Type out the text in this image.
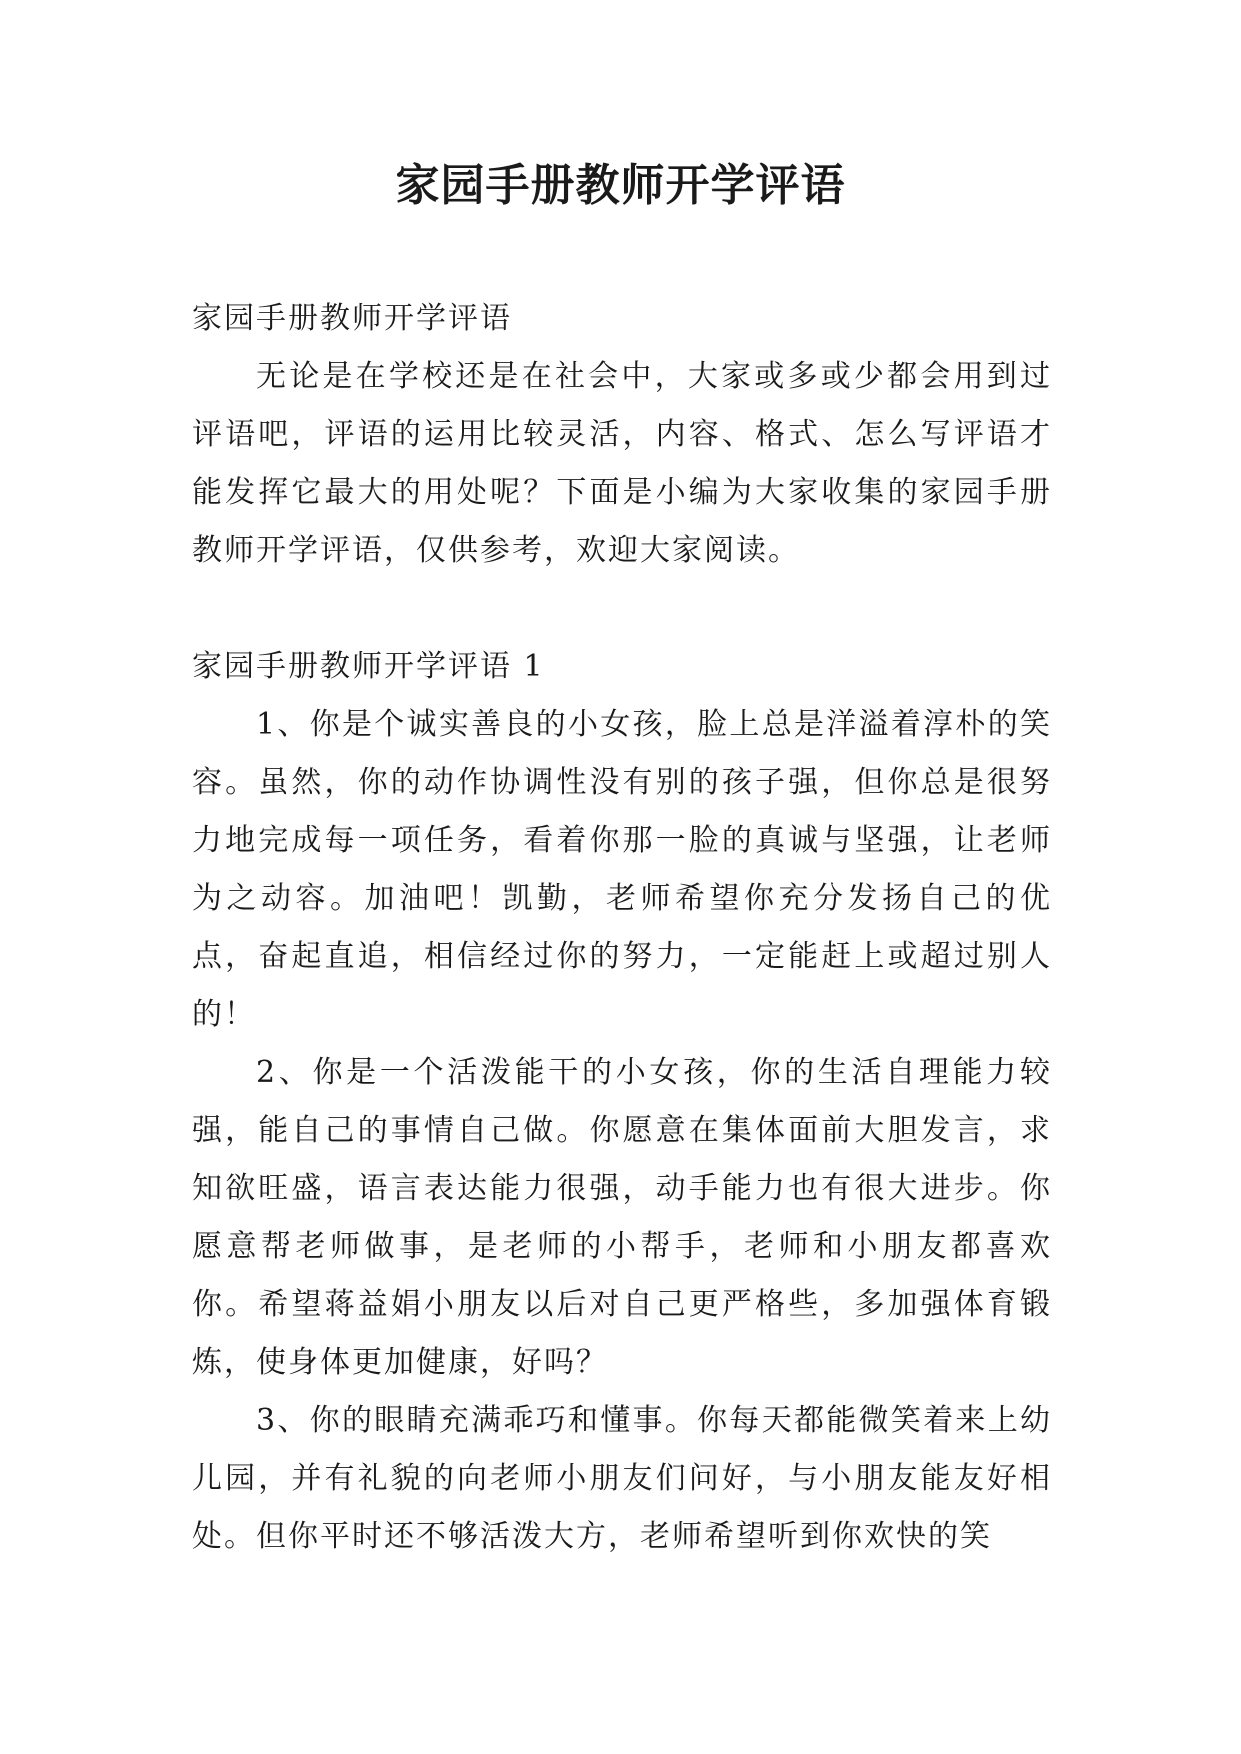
家园手册教师开学评语

家园手册教师开学评语

无论是在学校还是在社会中，大家或多或少都会用到过评语吧，评语的运用比较灵活，内容、格式、怎么写评语才能发挥它最大的用处呢？下面是小编为大家收集的家园手册教师开学评语，仅供参考，欢迎大家阅读。

家园手册教师开学评语 1

1、你是个诚实善良的小女孩，脸上总是洋溢着淳朴的笑容。虽然，你的动作协调性没有别的孩子强，但你总是很努力地完成每一项任务，看着你那一脸的真诚与坚强，让老师为之动容。加油吧！凯勤，老师希望你充分发扬自己的优点，奋起直追，相信经过你的努力，一定能赶上或超过别人的！

2、你是一个活泼能干的小女孩，你的生活自理能力较强，能自己的事情自己做。你愿意在集体面前大胆发言，求知欲旺盛，语言表达能力很强，动手能力也有很大进步。你愿意帮老师做事，是老师的小帮手，老师和小朋友都喜欢你。希望蒋益娟小朋友以后对自己更严格些，多加强体育锻炼，使身体更加健康，好吗？

3、你的眼睛充满乖巧和懂事。你每天都能微笑着来上幼儿园，并有礼貌的向老师小朋友们问好，与小朋友能友好相处。但你平时还不够活泼大方，老师希望听到你欢快的笑
